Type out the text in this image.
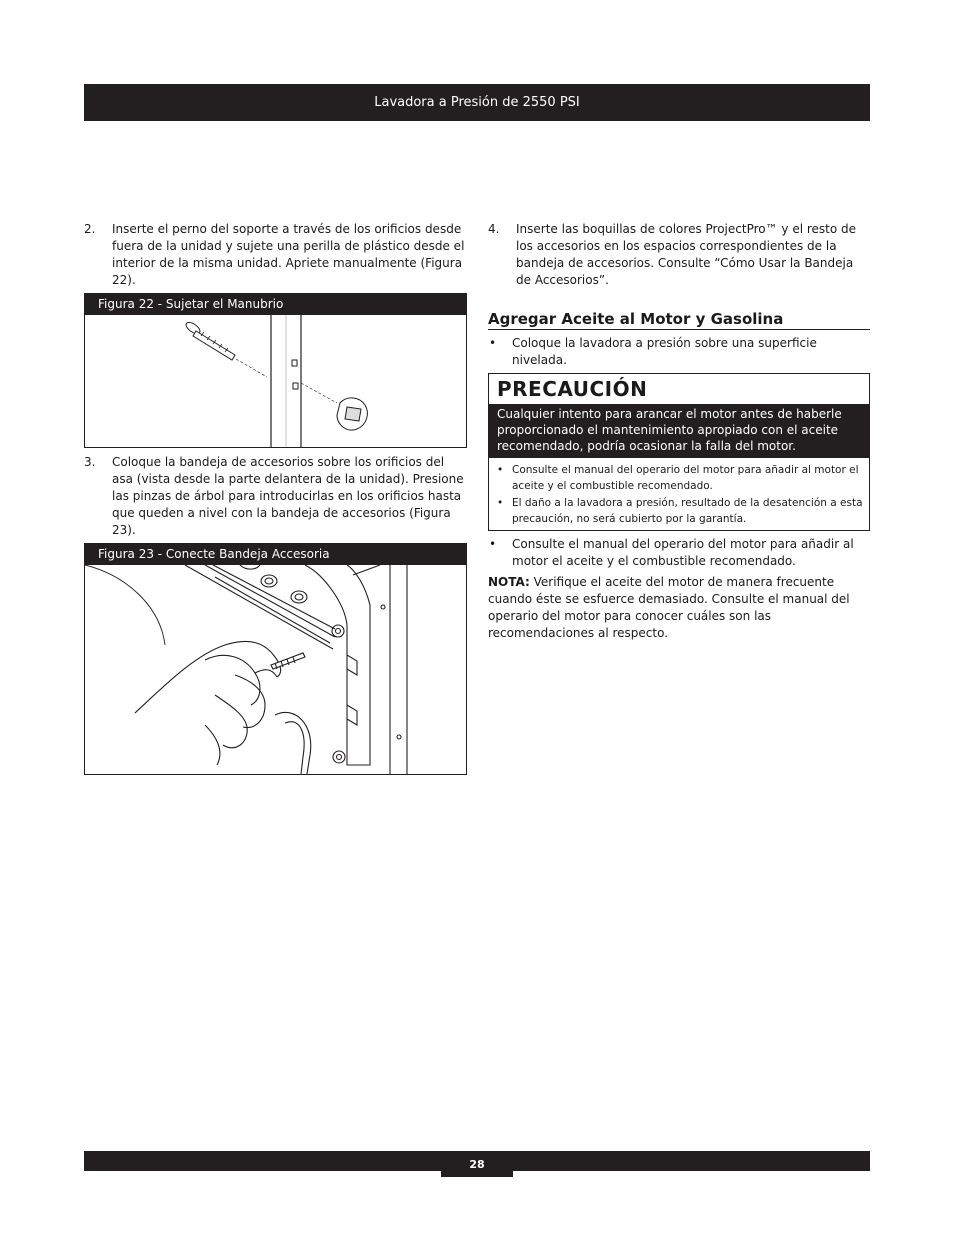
Lavadora a Presión de 2550 PSI
2.	Inserte el perno del soporte a través de los orificios desde fuera de la unidad y sujete una perilla de plástico desde el interior de la misma unidad. Apriete manualmente (Figura 22).
Figura 22 - Sujetar el Manubrio
3.	Coloque la bandeja de accesorios sobre los orificios del asa (vista desde la parte delantera de la unidad). Presione las pinzas de árbol para introducirlas en los orificios hasta que queden a nivel con la bandeja de accesorios (Figura 23).
Figura 23 - Conecte Bandeja Accesoria
4.	Inserte las boquillas de colores ProjectPro™ y el resto de los accesorios en los espacios correspondientes de la bandeja de accesorios. Consulte “Cómo Usar la Bandeja de Accesorios”.
Agregar Aceite al Motor y Gasolina
•	Coloque la lavadora a presión sobre una superficie nivelada.
PRECAUCIÓN
Cualquier intento para arancar el motor antes de haberle proporcionado el mantenimiento apropiado con el aceite recomendado, podría ocasionar la falla del motor.
• Consulte el manual del operario del motor para añadir al motor el aceite y el combustible recomendado.
• El daño a la lavadora a presión, resultado de la desatención a esta precaución, no será cubierto por la garantía.
•	Consulte el manual del operario del motor para añadir al motor el aceite y el combustible recomendado.
NOTA: Verifique el aceite del motor de manera frecuente cuando éste se esfuerce demasiado. Consulte el manual del operario del motor para conocer cuáles son las recomendaciones al respecto.
28
